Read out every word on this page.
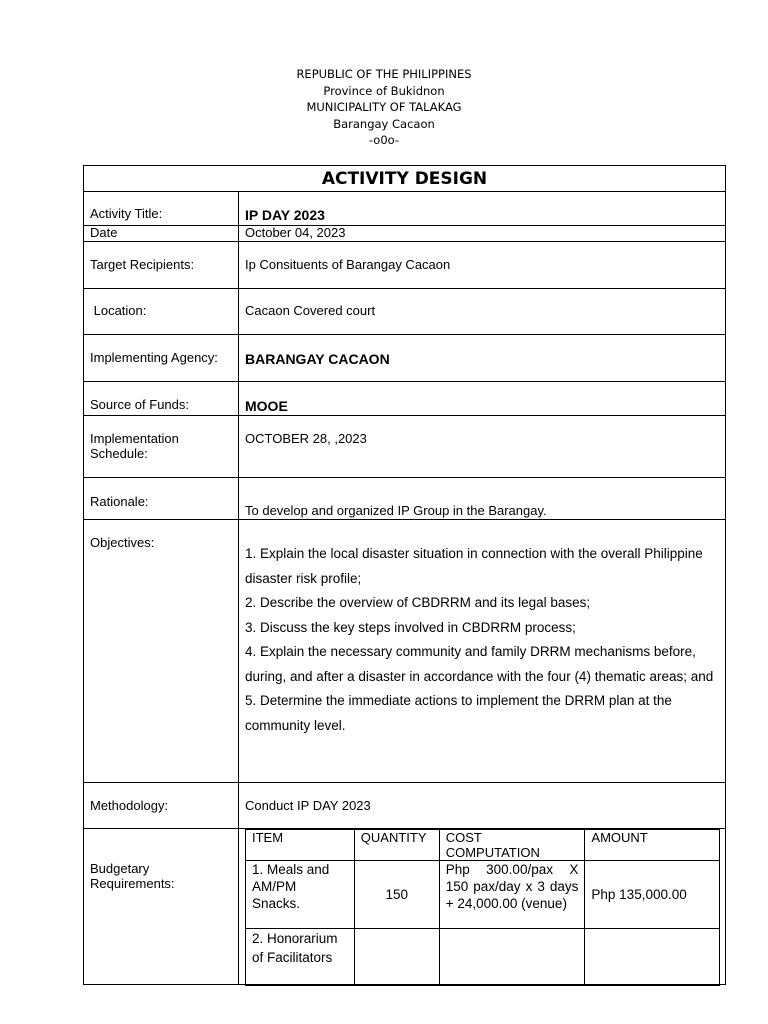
REPUBLIC OF THE PHILIPPINES
Province of Bukidnon
MUNICIPALITY OF TALAKAG
Barangay Cacaon
-o0o-
ACTIVITY DESIGN
Activity Title:	IP DAY 2023
Date	October 04, 2023
Target Recipients:	Ip Consituents of Barangay Cacaon
Location:	Cacaon Covered court
Implementing Agency: BARANGAY CACAON
Source of Funds:	MOOE
Implementation
Schedule:
OCTOBER 28, ,2023
Rationale:
To develop and organized IP Group in the Barangay.
Objectives:

1. Explain the local disaster situation in connection with the overall Philippine disaster risk profile;

2. Describe the overview of CBDRRM and its legal bases;

3. Discuss the key steps involved in CBDRRM process;

4. Explain the necessary community and family DRRM mechanisms before, during, and after a disaster in accordance with the four (4) thematic areas; and

5. Determine the immediate actions to implement the DRRM plan at the community level.

Methodology:	Conduct IP DAY 2023
Budgetary
Requirements:
ITEM	QUANTITY	COST COMPUTATION	AMOUNT
1. Meals and AM/PM Snacks.	150	Php 300.00/pax X 150 pax/day x 3 days + 24,000.00 (venue)	Php 135,000.00
2. Honorarium of Facilitators			
